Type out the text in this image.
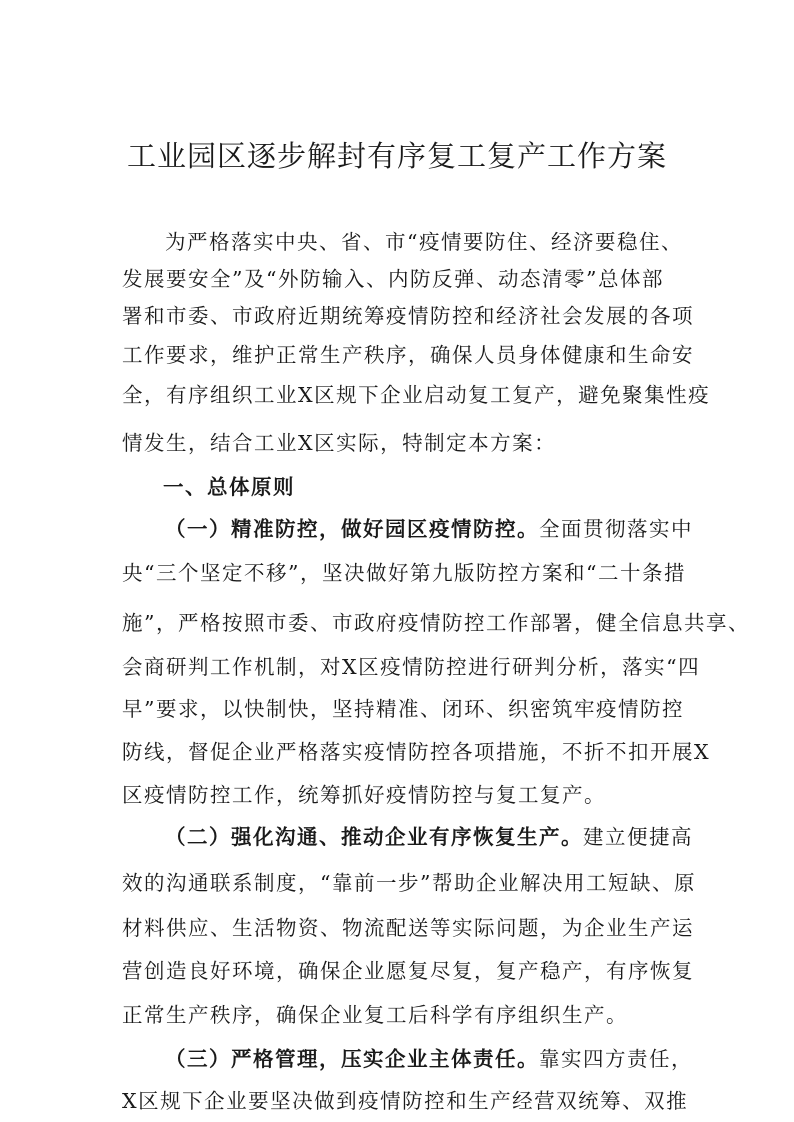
工业园区逐步解封有序复工复产工作方案

为严格落实中央、省、市“疫情要防住、经济要稳住、

发展要安全”及“外防输入、内防反弹、动态清零”总体部

署和市委、市政府近期统筹疫情防控和经济社会发展的各项

工作要求，维护正常生产秩序，确保人员身体健康和生命安

全，有序组织工业X区规下企业启动复工复产，避免聚集性疫

情发生，结合工业X区实际，特制定本方案：

一、总体原则

（一）精准防控，做好园区疫情防控。全面贯彻落实中

央“三个坚定不移”，坚决做好第九版防控方案和“二十条措

施”，严格按照市委、市政府疫情防控工作部署，健全信息共享、

会商研判工作机制，对X区疫情防控进行研判分析，落实“四

早”要求，以快制快，坚持精准、闭环、织密筑牢疫情防控

防线，督促企业严格落实疫情防控各项措施，不折不扣开展X

区疫情防控工作，统筹抓好疫情防控与复工复产。

（二）强化沟通、推动企业有序恢复生产。建立便捷高

效的沟通联系制度，“靠前一步”帮助企业解决用工短缺、原

材料供应、生活物资、物流配送等实际问题，为企业生产运

营创造良好环境，确保企业愿复尽复，复产稳产，有序恢复

正常生产秩序，确保企业复工后科学有序组织生产。

（三）严格管理，压实企业主体责任。靠实四方责任，

X区规下企业要坚决做到疫情防控和生产经营双统筹、双推
